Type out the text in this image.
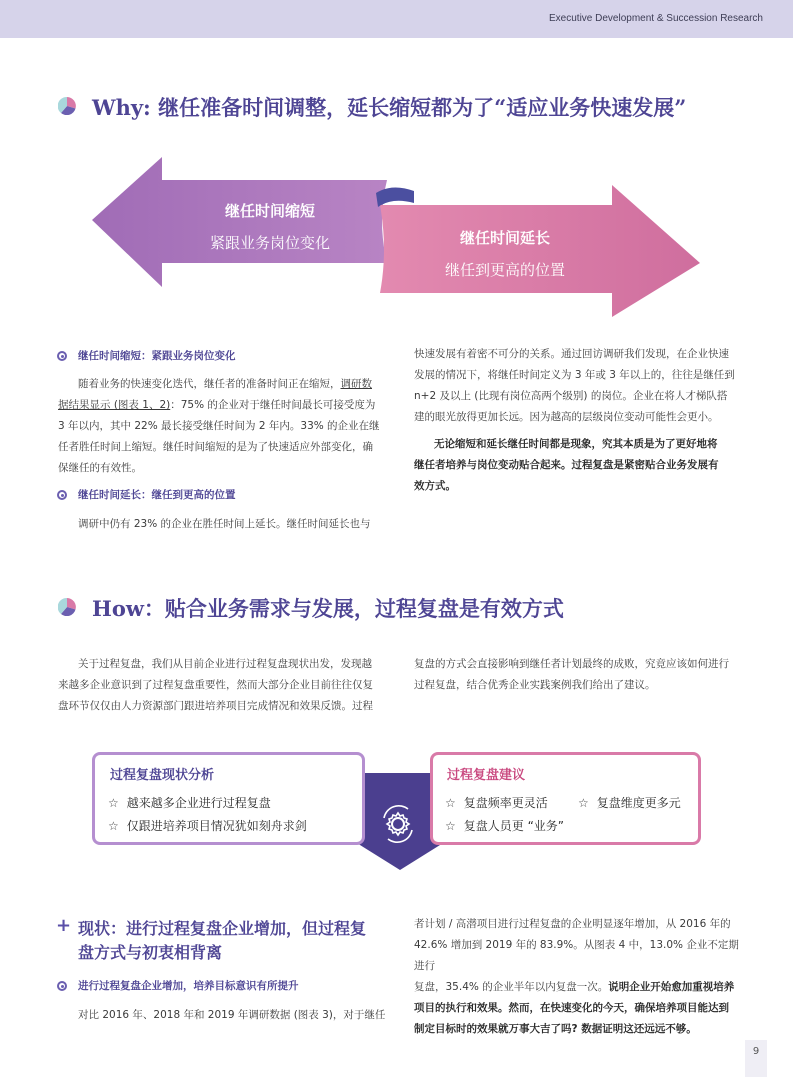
Executive Development & Succession Research
Why: 继任准备时间调整，延长缩短都为了“适应业务快速发展”
继任时间缩短
紧跟业务岗位变化	继任时间延长
继任到更高的位置
继任时间缩短：紧跟业务岗位变化
随着业务的快速变化迭代，继任者的准备时间正在缩短，调研数
据结果显示 (图表 1、2)：75% 的企业对于继任时间最长可接受度为
3 年以内，其中 22% 最长接受继任时间为 2 年内。33% 的企业在继
任者胜任时间上缩短。继任时间缩短的是为了快速适应外部变化，确
保继任的有效性。
继任时间延长：继任到更高的位置
调研中仍有 23% 的企业在胜任时间上延长。继任时间延长也与
快速发展有着密不可分的关系。通过回访调研我们发现，在企业快速
发展的情况下，将继任时间定义为 3 年或 3 年以上的，往往是继任到
n+2 及以上 (比现有岗位高两个级别) 的岗位。企业在将人才梯队搭
建的眼光放得更加长远。因为越高的层级岗位变动可能性会更小。
无论缩短和延长继任时间都是现象，究其本质是为了更好地将
继任者培养与岗位变动贴合起来。过程复盘是紧密贴合业务发展有
效方式。
How：贴合业务需求与发展，过程复盘是有效方式
关于过程复盘，我们从目前企业进行过程复盘现状出发，发现越
来越多企业意识到了过程复盘重要性，然而大部分企业目前往往仅复
盘环节仅仅由人力资源部门跟进培养项目完成情况和效果反馈。过程
复盘的方式会直接影响到继任者计划最终的成败，究竟应该如何进行
过程复盘，结合优秀企业实践案例我们给出了建议。
过程复盘现状分析
☆ 越来越多企业进行过程复盘
☆ 仅跟进培养项目情况犹如刻舟求剑
过程复盘建议
☆ 复盘频率更灵活	☆ 复盘维度更多元
☆ 复盘人员更 “业务”
+ 现状：进行过程复盘企业增加，但过程复
盘方式与初衷相背离
进行过程复盘企业增加，培养目标意识有所提升
对比 2016 年、2018 年和 2019 年调研数据 (图表 3)，对于继任
者计划 / 高潜项目进行过程复盘的企业明显逐年增加，从 2016 年的
42.6% 增加到 2019 年的 83.9%。从图表 4 中，13.0% 企业不定期进行
复盘，35.4% 的企业半年以内复盘一次。说明企业开始愈加重视培养
项目的执行和效果。然而，在快速变化的今天，确保培养项目能达到
制定目标时的效果就万事大吉了吗? 数据证明这还远远不够。
9
